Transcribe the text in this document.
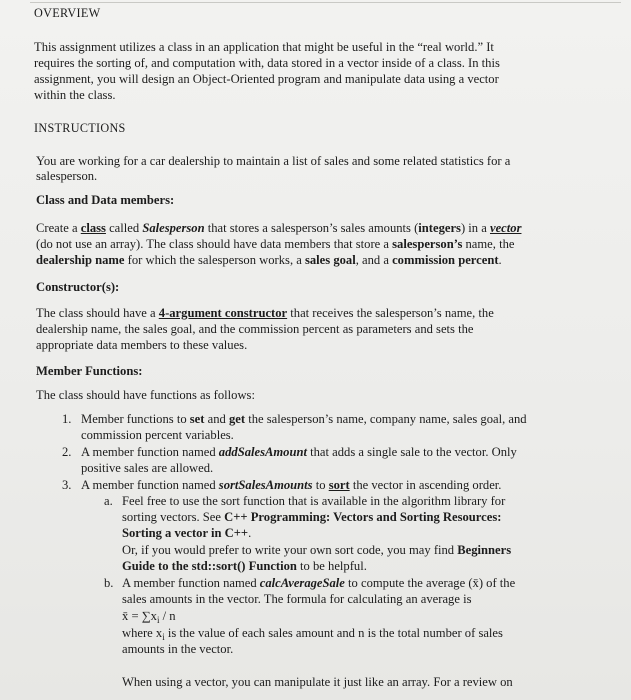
OVERVIEW

This assignment utilizes a class in an application that might be useful in the “real world.” It

requires the sorting of, and computation with, data stored in a vector inside of a class. In this

assignment, you will design an Object-Oriented program and manipulate data using a vector

within the class.

INSTRUCTIONS

You are working for a car dealership to maintain a list of sales and some related statistics for a

salesperson.

Class and Data members:

Create a class called Salesperson that stores a salesperson’s sales amounts (integers) in a vector

(do not use an array). The class should have data members that store a salesperson’s name, the

dealership name for which the salesperson works, a sales goal, and a commission percent.

Constructor(s):

The class should have a 4-argument constructor that receives the salesperson’s name, the

dealership name, the sales goal, and the commission percent as parameters and sets the

appropriate data members to these values.

Member Functions:

The class should have functions as follows:

1. Member functions to set and get the salesperson’s name, company name, sales goal, and

commission percent variables.

2. A member function named addSalesAmount that adds a single sale to the vector. Only

positive sales are allowed.

3. A member function named sortSalesAmounts to sort the vector in ascending order.

a. Feel free to use the sort function that is available in the algorithm library for

sorting vectors. See C++ Programming: Vectors and Sorting Resources:

Sorting a vector in C++.

Or, if you would prefer to write your own sort code, you may find Beginners

Guide to the std::sort() Function to be helpful.

b. A member function named calcAverageSale to compute the average (x̄) of the

sales amounts in the vector. The formula for calculating an average is

x̄ = $\sum x_i$ / n

where $x_i$ is the value of each sales amount and n is the total number of sales

amounts in the vector.

When using a vector, you can manipulate it just like an array. For a review on
